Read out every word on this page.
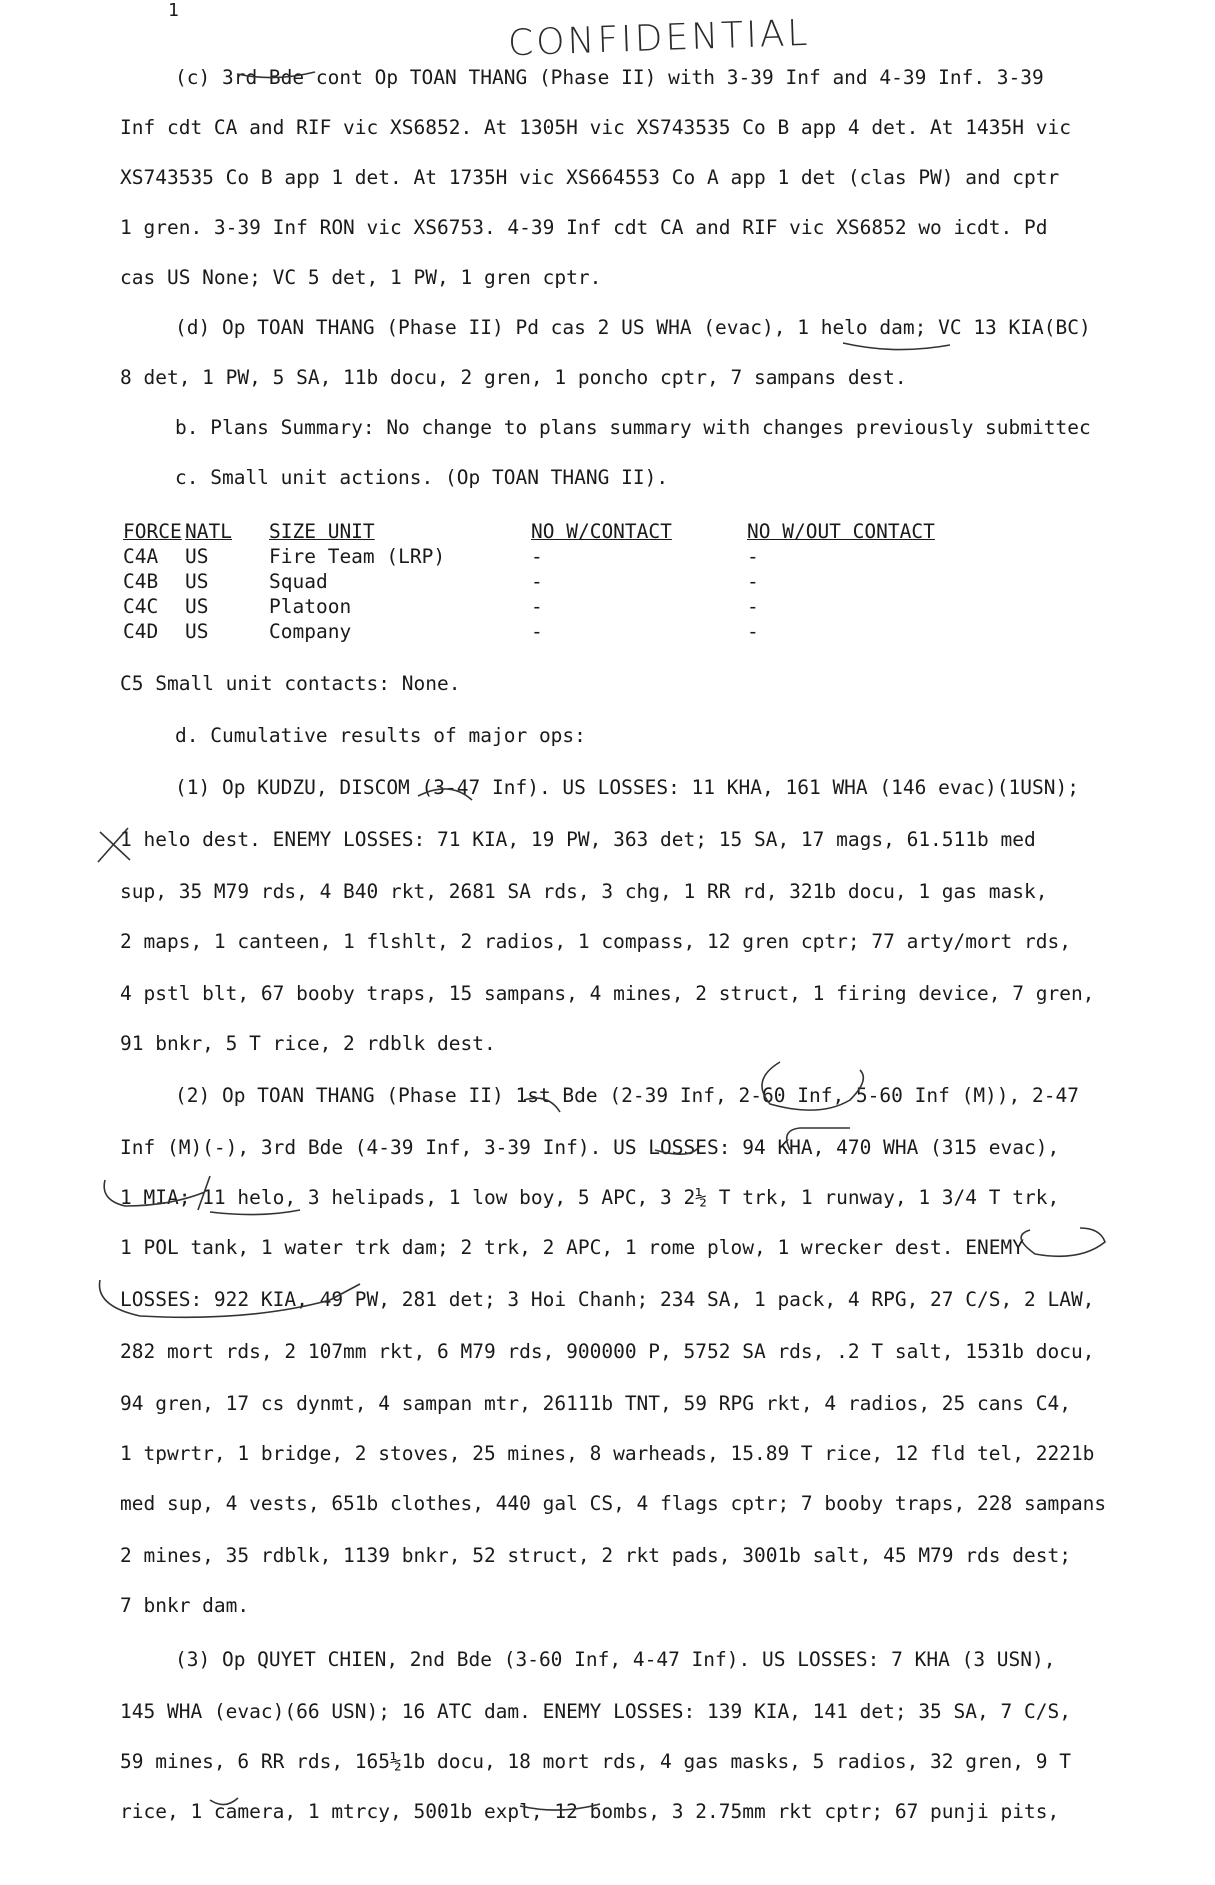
1
CONFIDENTIAL
(c) 3rd Bde cont Op TOAN THANG (Phase II) with 3-39 Inf and 4-39 Inf. 3-39
Inf cdt CA and RIF vic XS6852. At 1305H vic XS743535 Co B app 4 det. At 1435H vic
XS743535 Co B app 1 det. At 1735H vic XS664553 Co A app 1 det (clas PW) and cptr
1 gren. 3-39 Inf RON vic XS6753. 4-39 Inf cdt CA and RIF vic XS6852 wo icdt. Pd
cas US None; VC 5 det, 1 PW, 1 gren cptr.
(d) Op TOAN THANG (Phase II) Pd cas 2 US WHA (evac), 1 helo dam; VC 13 KIA(BC)
8 det, 1 PW, 5 SA, 11b docu, 2 gren, 1 poncho cptr, 7 sampans dest.
b. Plans Summary: No change to plans summary with changes previously submittec
c. Small unit actions. (Op TOAN THANG II).
FORCE	NATL	SIZE UNIT	NO W/CONTACT	NO W/OUT CONTACT
C4A	US	Fire Team (LRP)	-	-
C4B	US	Squad	-	-
C4C	US	Platoon	-	-
C4D	US	Company	-	-
C5 Small unit contacts: None.
d. Cumulative results of major ops:
(1) Op KUDZU, DISCOM (3-47 Inf). US LOSSES: 11 KHA, 161 WHA (146 evac)(1USN);
1 helo dest. ENEMY LOSSES: 71 KIA, 19 PW, 363 det; 15 SA, 17 mags, 61.511b med
sup, 35 M79 rds, 4 B40 rkt, 2681 SA rds, 3 chg, 1 RR rd, 321b docu, 1 gas mask,
2 maps, 1 canteen, 1 flshlt, 2 radios, 1 compass, 12 gren cptr; 77 arty/mort rds,
4 pstl blt, 67 booby traps, 15 sampans, 4 mines, 2 struct, 1 firing device, 7 gren,
91 bnkr, 5 T rice, 2 rdblk dest.
(2) Op TOAN THANG (Phase II) 1st Bde (2-39 Inf, 2-60 Inf, 5-60 Inf (M)), 2-47
Inf (M)(-), 3rd Bde (4-39 Inf, 3-39 Inf). US LOSSES: 94 KHA, 470 WHA (315 evac),
1 MIA; 11 helo, 3 helipads, 1 low boy, 5 APC, 3 2½ T trk, 1 runway, 1 3/4 T trk,
1 POL tank, 1 water trk dam; 2 trk, 2 APC, 1 rome plow, 1 wrecker dest. ENEMY
LOSSES: 922 KIA, 49 PW, 281 det; 3 Hoi Chanh; 234 SA, 1 pack, 4 RPG, 27 C/S, 2 LAW,
282 mort rds, 2 107mm rkt, 6 M79 rds, 900000 P, 5752 SA rds, .2 T salt, 1531b docu,
94 gren, 17 cs dynmt, 4 sampan mtr, 26111b TNT, 59 RPG rkt, 4 radios, 25 cans C4,
1 tpwrtr, 1 bridge, 2 stoves, 25 mines, 8 warheads, 15.89 T rice, 12 fld tel, 2221b
med sup, 4 vests, 651b clothes, 440 gal CS, 4 flags cptr; 7 booby traps, 228 sampans
2 mines, 35 rdblk, 1139 bnkr, 52 struct, 2 rkt pads, 3001b salt, 45 M79 rds dest;
7 bnkr dam.
(3) Op QUYET CHIEN, 2nd Bde (3-60 Inf, 4-47 Inf). US LOSSES: 7 KHA (3 USN),
145 WHA (evac)(66 USN); 16 ATC dam. ENEMY LOSSES: 139 KIA, 141 det; 35 SA, 7 C/S,
59 mines, 6 RR rds, 165½1b docu, 18 mort rds, 4 gas masks, 5 radios, 32 gren, 9 T
rice, 1 camera, 1 mtrcy, 5001b expl, 12 bombs, 3 2.75mm rkt cptr; 67 punji pits,
